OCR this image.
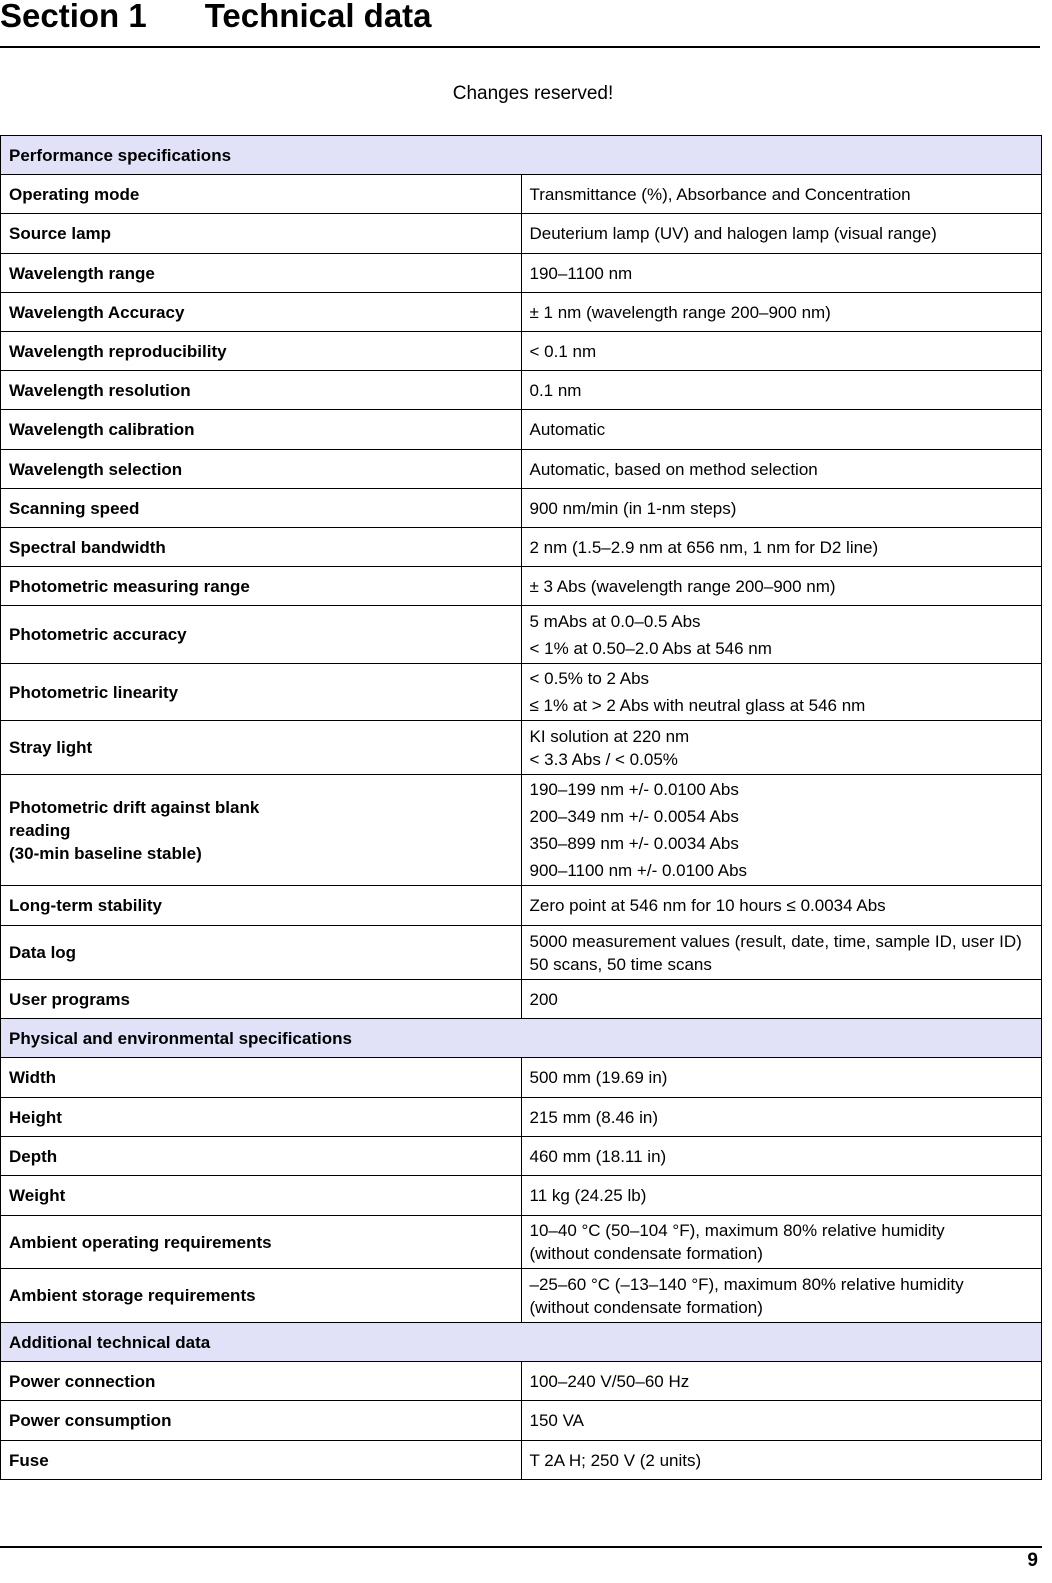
Section 1 Technical data
Changes reserved!
Performance specifications	
Operating mode	Transmittance (%), Absorbance and Concentration
Source lamp	Deuterium lamp (UV) and halogen lamp (visual range)
Wavelength range	190–1100 nm
Wavelength Accuracy	± 1 nm (wavelength range 200–900 nm)
Wavelength reproducibility	< 0.1 nm
Wavelength resolution	0.1 nm
Wavelength calibration	Automatic
Wavelength selection	Automatic, based on method selection
Scanning speed	900 nm/min (in 1-nm steps)
Spectral bandwidth	2 nm (1.5–2.9 nm at 656 nm, 1 nm for D2 line)
Photometric measuring range	± 3 Abs (wavelength range 200–900 nm)
Photometric accuracy	5 mAbs at 0.0–0.5 Abs
< 1% at 0.50–2.0 Abs at 546 nm

Photometric linearity	< 0.5% to 2 Abs
≤ 1% at > 2 Abs with neutral glass at 546 nm

Stray light	KI solution at 220 nm
< 3.3 Abs / < 0.05%

Photometric drift against blank
reading
(30-min baseline stable)	190–199 nm +/- 0.0100 Abs
200–349 nm +/- 0.0054 Abs
350–899 nm +/- 0.0034 Abs
900–1100 nm +/- 0.0100 Abs

Long-term stability	Zero point at 546 nm for 10 hours ≤ 0.0034 Abs
Data log	5000 measurement values (result, date, time, sample ID, user ID)
50 scans, 50 time scans

User programs	200
Physical and environmental specifications	
Width	500 mm (19.69 in)
Height	215 mm (8.46 in)
Depth	460 mm (18.11 in)
Weight	11 kg (24.25 lb)
Ambient operating requirements	10–40 °C (50–104 °F), maximum 80% relative humidity
(without condensate formation)

Ambient storage requirements	–25–60 °C (–13–140 °F), maximum 80% relative humidity
(without condensate formation)

Additional technical data	
Power connection	100–240 V/50–60 Hz
Power consumption	150 VA
Fuse	T 2A H; 250 V (2 units)
9
